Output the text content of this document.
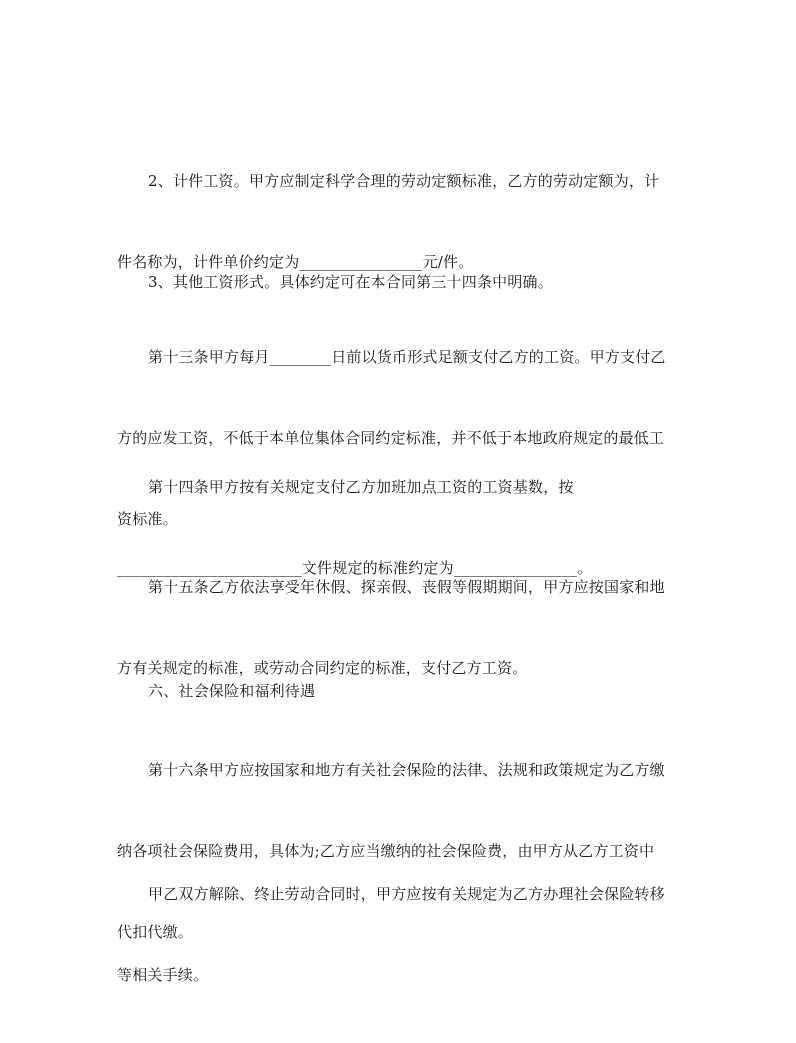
2、计件工资。甲方应制定科学合理的劳动定额标准，乙方的劳动定额为，计

件名称为，计件单价约定为________________元/件。

3、其他工资形式。具体约定可在本合同第三十四条中明确。

第十三条甲方每月________日前以货币形式足额支付乙方的工资。甲方支付乙

方的应发工资，不低于本单位集体合同约定标准，并不低于本地政府规定的最低工

资标准。

第十四条甲方按有关规定支付乙方加班加点工资的工资基数，按

________________________文件规定的标准约定为________________。

第十五条乙方依法享受年休假、探亲假、丧假等假期期间，甲方应按国家和地

方有关规定的标准，或劳动合同约定的标准，支付乙方工资。

六、社会保险和福利待遇

第十六条甲方应按国家和地方有关社会保险的法律、法规和政策规定为乙方缴

纳各项社会保险费用，具体为;乙方应当缴纳的社会保险费，由甲方从乙方工资中

代扣代缴。

甲乙双方解除、终止劳动合同时，甲方应按有关规定为乙方办理社会保险转移

等相关手续。
